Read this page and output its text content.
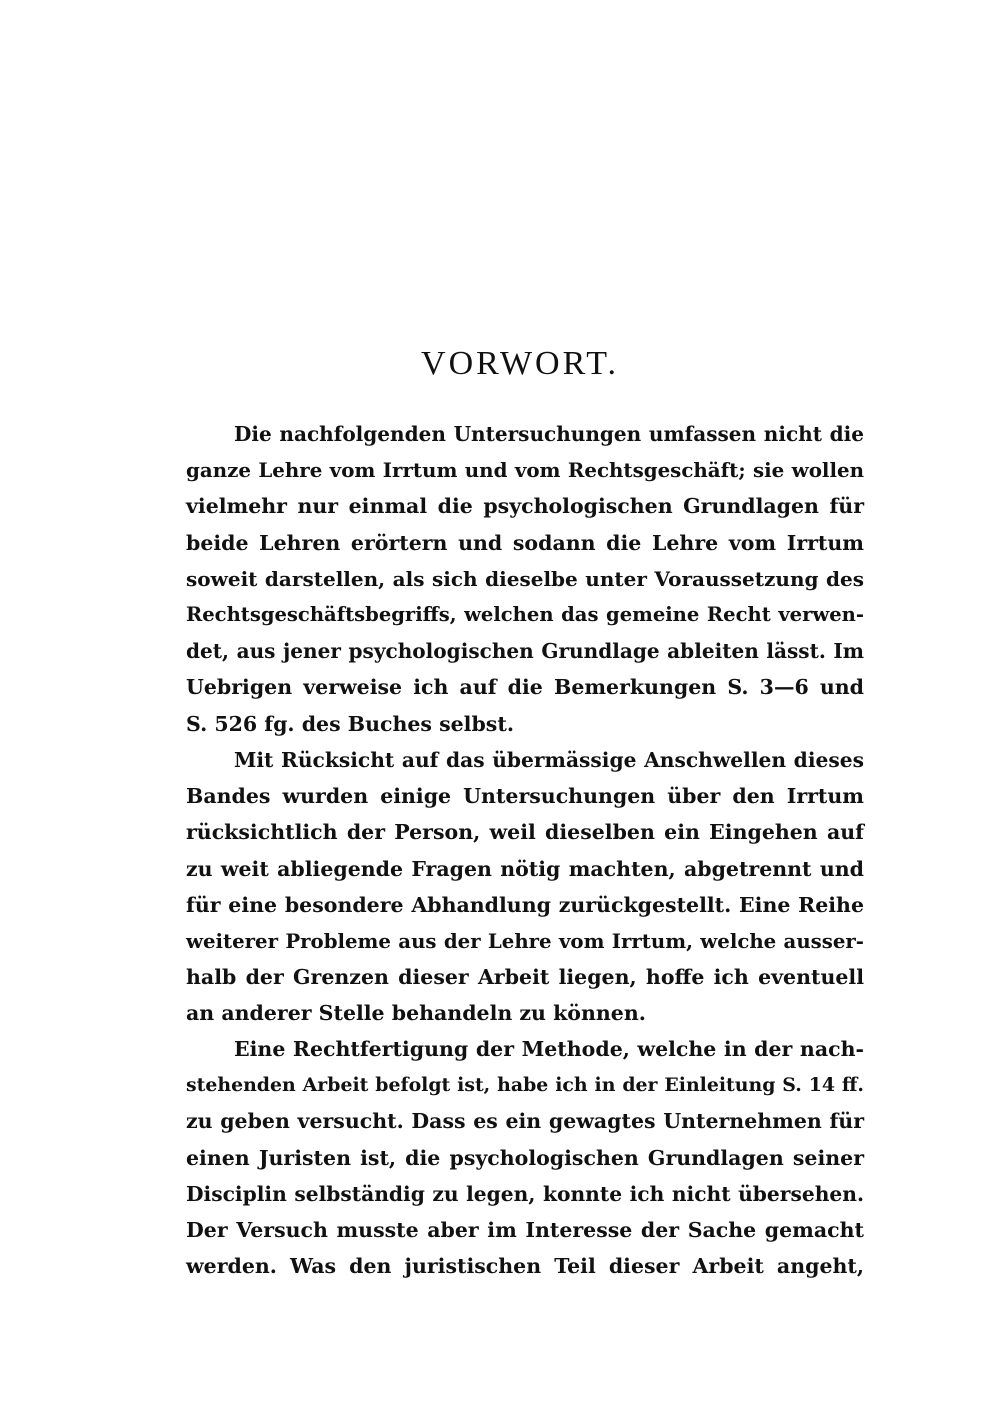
VORWORT.
Die nachfolgenden Untersuchungen umfassen nicht die
ganze Lehre vom Irrtum und vom Rechtsgeschäft; sie wollen
vielmehr nur einmal die psychologischen Grundlagen für
beide Lehren erörtern und sodann die Lehre vom Irrtum
soweit darstellen, als sich dieselbe unter Voraussetzung des
Rechtsgeschäftsbegriffs, welchen das gemeine Recht verwen-
det, aus jener psychologischen Grundlage ableiten lässt. Im
Uebrigen verweise ich auf die Bemerkungen S. 3—6 und
S. 526 fg. des Buches selbst.
Mit Rücksicht auf das übermässige Anschwellen dieses
Bandes wurden einige Untersuchungen über den Irrtum
rücksichtlich der Person, weil dieselben ein Eingehen auf
zu weit abliegende Fragen nötig machten, abgetrennt und
für eine besondere Abhandlung zurückgestellt. Eine Reihe
weiterer Probleme aus der Lehre vom Irrtum, welche ausser-
halb der Grenzen dieser Arbeit liegen, hoffe ich eventuell
an anderer Stelle behandeln zu können.
Eine Rechtfertigung der Methode, welche in der nach-
stehenden Arbeit befolgt ist, habe ich in der Einleitung S. 14 ff.
zu geben versucht. Dass es ein gewagtes Unternehmen für
einen Juristen ist, die psychologischen Grundlagen seiner
Disciplin selbständig zu legen, konnte ich nicht übersehen.
Der Versuch musste aber im Interesse der Sache gemacht
werden. Was den juristischen Teil dieser Arbeit angeht,
